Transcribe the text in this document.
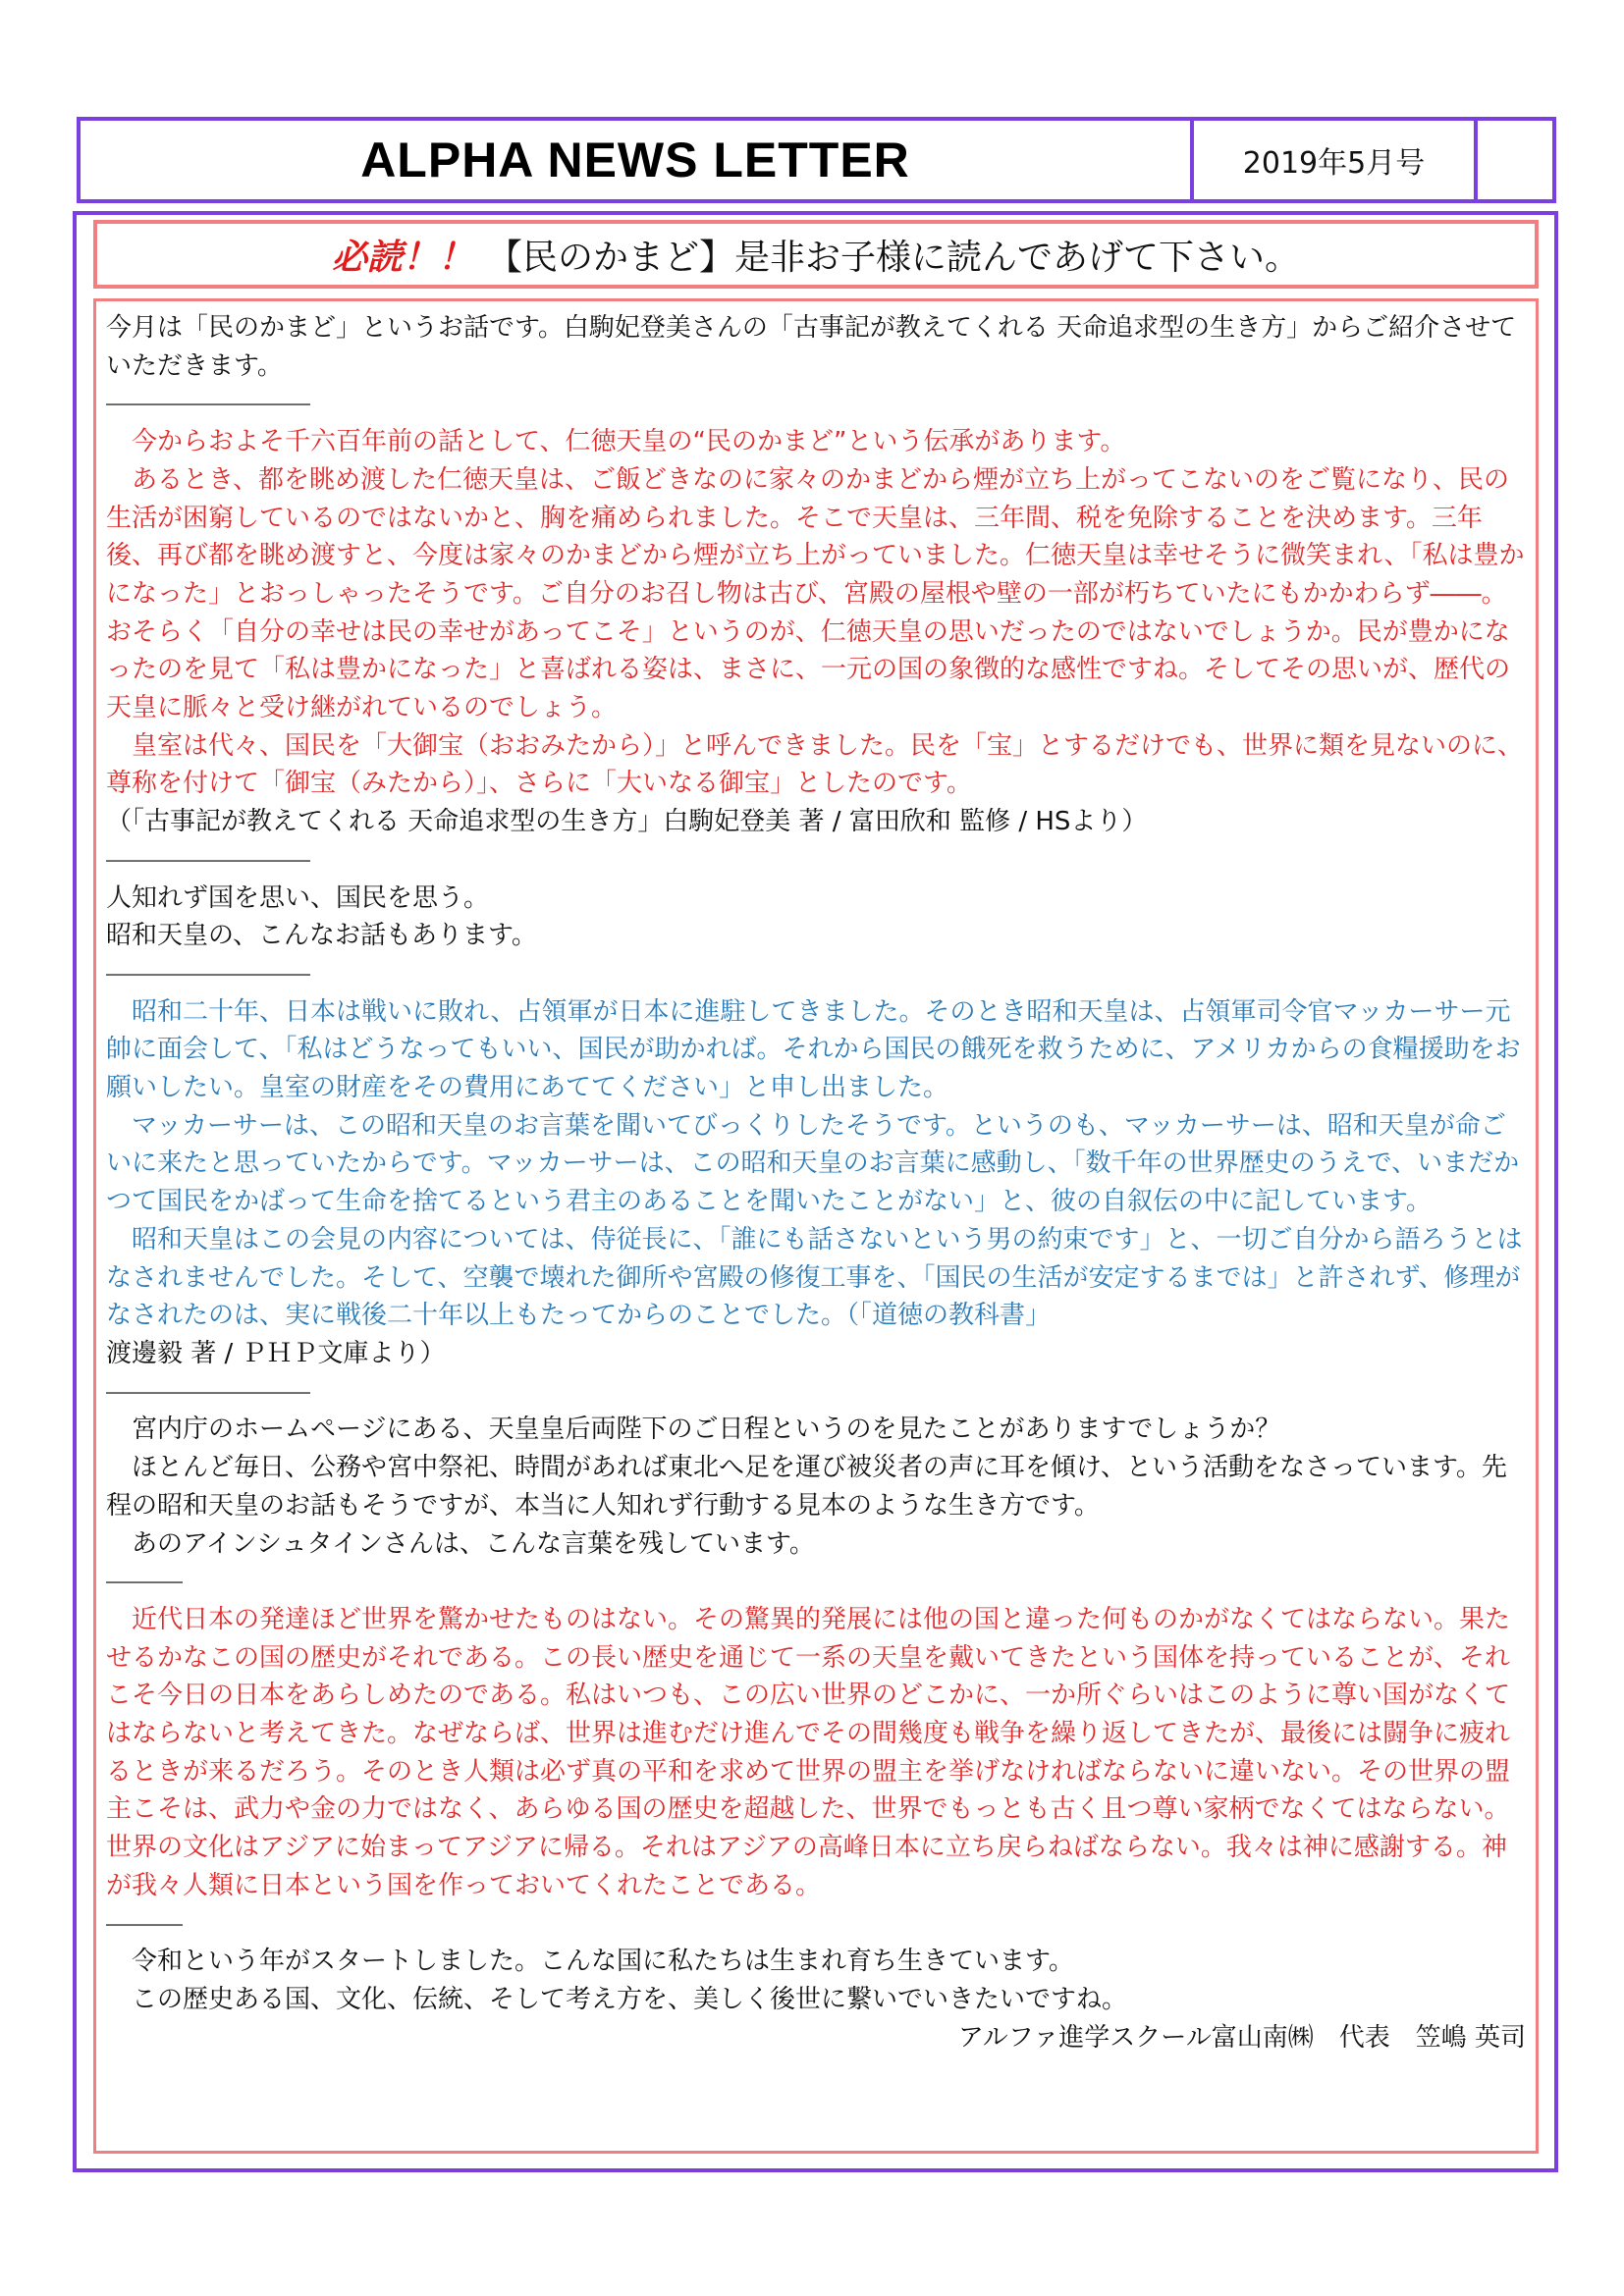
ALPHA NEWS LETTER	2019年5月号
必読！！ 【民のかまど】是非お子様に読んであげて下さい。

今月は「民のかまど」というお話です。白駒妃登美さんの「古事記が教えてくれる 天命追求型の生き方」からご紹介させていただきます。

――――――――

今からおよそ千六百年前の話として、仁徳天皇の“民のかまど”という伝承があります。

あるとき、都を眺め渡した仁徳天皇は、ご飯どきなのに家々のかまどから煙が立ち上がってこないのをご覧になり、民の生活が困窮しているのではないかと、胸を痛められました。そこで天皇は、三年間、税を免除することを決めます。三年後、再び都を眺め渡すと、今度は家々のかまどから煙が立ち上がっていました。仁徳天皇は幸せそうに微笑まれ、「私は豊かになった」とおっしゃったそうです。ご自分のお召し物は古び、宮殿の屋根や壁の一部が朽ちていたにもかかわらず――。おそらく「自分の幸せは民の幸せがあってこそ」というのが、仁徳天皇の思いだったのではないでしょうか。民が豊かになったのを見て「私は豊かになった」と喜ばれる姿は、まさに、一元の国の象徴的な感性ですね。そしてその思いが、歴代の天皇に脈々と受け継がれているのでしょう。

皇室は代々、国民を「大御宝（おおみたから）」と呼んできました。民を「宝」とするだけでも、世界に類を見ないのに、尊称を付けて「御宝（みたから）」、さらに「大いなる御宝」としたのです。

（「古事記が教えてくれる 天命追求型の生き方」白駒妃登美 著 / 富田欣和 監修 / HSより）

――――――――

人知れず国を思い、国民を思う。

昭和天皇の、こんなお話もあります。

――――――――

昭和二十年、日本は戦いに敗れ、占領軍が日本に進駐してきました。そのとき昭和天皇は、占領軍司令官マッカーサー元帥に面会して、「私はどうなってもいい、国民が助かれば。それから国民の餓死を救うために、アメリカからの食糧援助をお願いしたい。皇室の財産をその費用にあててください」と申し出ました。

マッカーサーは、この昭和天皇のお言葉を聞いてびっくりしたそうです。というのも、マッカーサーは、昭和天皇が命ごいに来たと思っていたからです。マッカーサーは、この昭和天皇のお言葉に感動し、「数千年の世界歴史のうえで、いまだかつて国民をかばって生命を捨てるという君主のあることを聞いたことがない」と、彼の自叙伝の中に記しています。

昭和天皇はこの会見の内容については、侍従長に、「誰にも話さないという男の約束です」と、一切ご自分から語ろうとはなされませんでした。そして、空襲で壊れた御所や宮殿の修復工事を、「国民の生活が安定するまでは」と許されず、修理がなされたのは、実に戦後二十年以上もたってからのことでした。（「道徳の教科書」

渡邊毅 著 / ＰＨＰ文庫より）

――――――――

宮内庁のホームページにある、天皇皇后両陛下のご日程というのを見たことがありますでしょうか？

ほとんど毎日、公務や宮中祭祀、時間があれば東北へ足を運び被災者の声に耳を傾け、という活動をなさっています。先程の昭和天皇のお話もそうですが、本当に人知れず行動する見本のような生き方です。

あのアインシュタインさんは、こんな言葉を残しています。

―――

近代日本の発達ほど世界を驚かせたものはない。その驚異的発展には他の国と違った何ものかがなくてはならない。果たせるかなこの国の歴史がそれである。この長い歴史を通じて一系の天皇を戴いてきたという国体を持っていることが、それこそ今日の日本をあらしめたのである。私はいつも、この広い世界のどこかに、一か所ぐらいはこのように尊い国がなくてはならないと考えてきた。なぜならば、世界は進むだけ進んでその間幾度も戦争を繰り返してきたが、最後には闘争に疲れるときが来るだろう。そのとき人類は必ず真の平和を求めて世界の盟主を挙げなければならないに違いない。その世界の盟主こそは、武力や金の力ではなく、あらゆる国の歴史を超越した、世界でもっとも古く且つ尊い家柄でなくてはならない。世界の文化はアジアに始まってアジアに帰る。それはアジアの高峰日本に立ち戻らねばならない。我々は神に感謝する。神が我々人類に日本という国を作っておいてくれたことである。

―――

令和という年がスタートしました。こんな国に私たちは生まれ育ち生きています。

この歴史ある国、文化、伝統、そして考え方を、美しく後世に繋いでいきたいですね。

アルファ進学スクール富山南㈱　代表　笠嶋 英司
